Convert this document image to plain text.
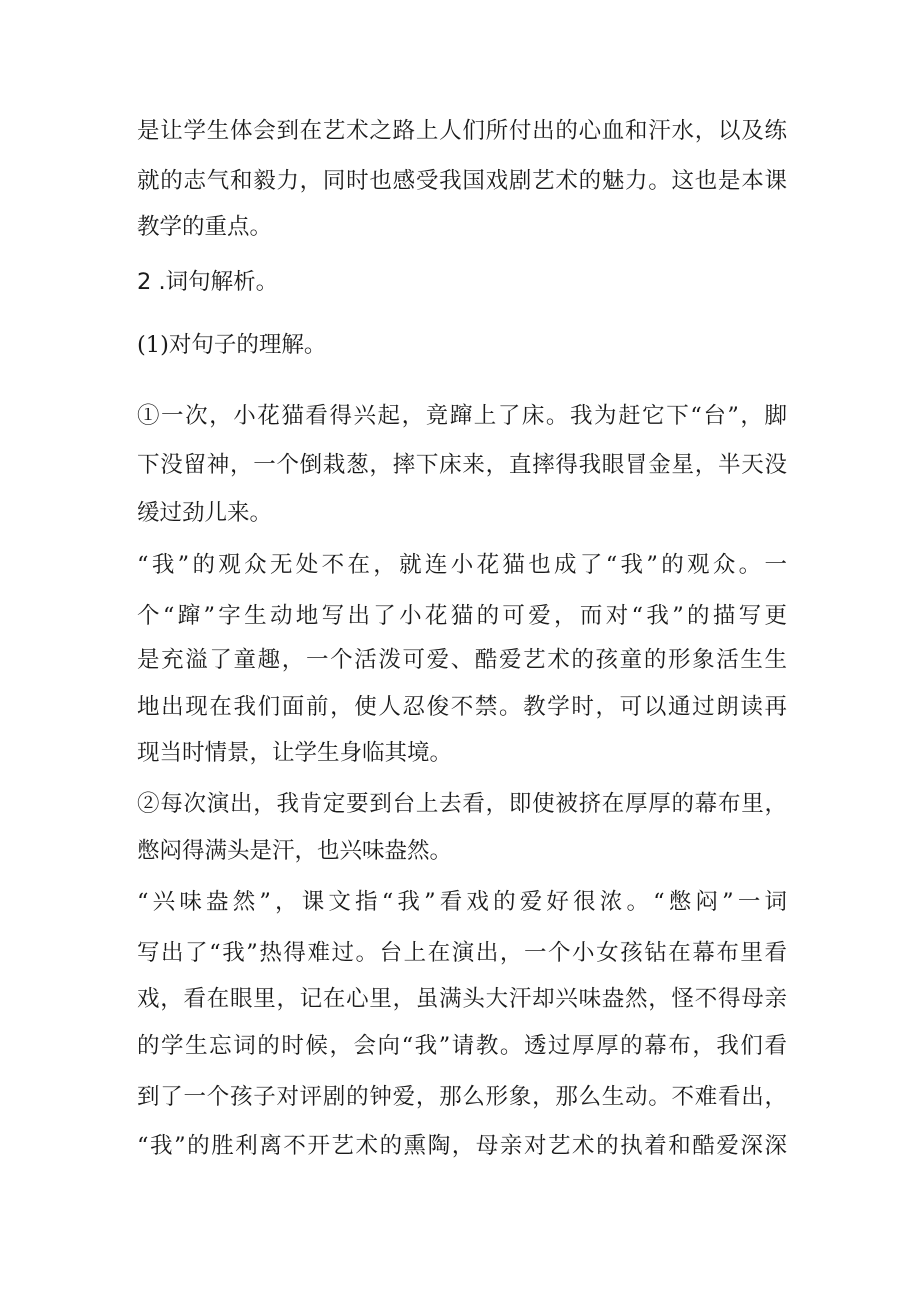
是让学生体会到在艺术之路上人们所付出的心血和汗水，以及练
就的志气和毅力，同时也感受我国戏剧艺术的魅力。这也是本课
教学的重点。
2 .词句解析。
(1)对句子的理解。
①一次，小花猫看得兴起，竟蹿上了床。我为赶它下“台”，脚
下没留神，一个倒栽葱，摔下床来，直摔得我眼冒金星，半天没
缓过劲儿来。
“我”的观众无处不在，就连小花猫也成了“我”的观众。一
个“蹿”字生动地写出了小花猫的可爱，而对“我”的描写更
是充溢了童趣，一个活泼可爱、酷爱艺术的孩童的形象活生生
地出现在我们面前，使人忍俊不禁。教学时，可以通过朗读再
现当时情景，让学生身临其境。
②每次演出，我肯定要到台上去看，即使被挤在厚厚的幕布里，
憋闷得满头是汗，也兴味盎然。
“兴味盎然”，课文指“我”看戏的爱好很浓。“憋闷”一词
写出了“我”热得难过。台上在演出，一个小女孩钻在幕布里看
戏，看在眼里，记在心里，虽满头大汗却兴味盎然，怪不得母亲
的学生忘词的时候，会向“我”请教。透过厚厚的幕布，我们看
到了一个孩子对评剧的钟爱，那么形象，那么生动。不难看出，
“我”的胜利离不开艺术的熏陶，母亲对艺术的执着和酷爱深深
